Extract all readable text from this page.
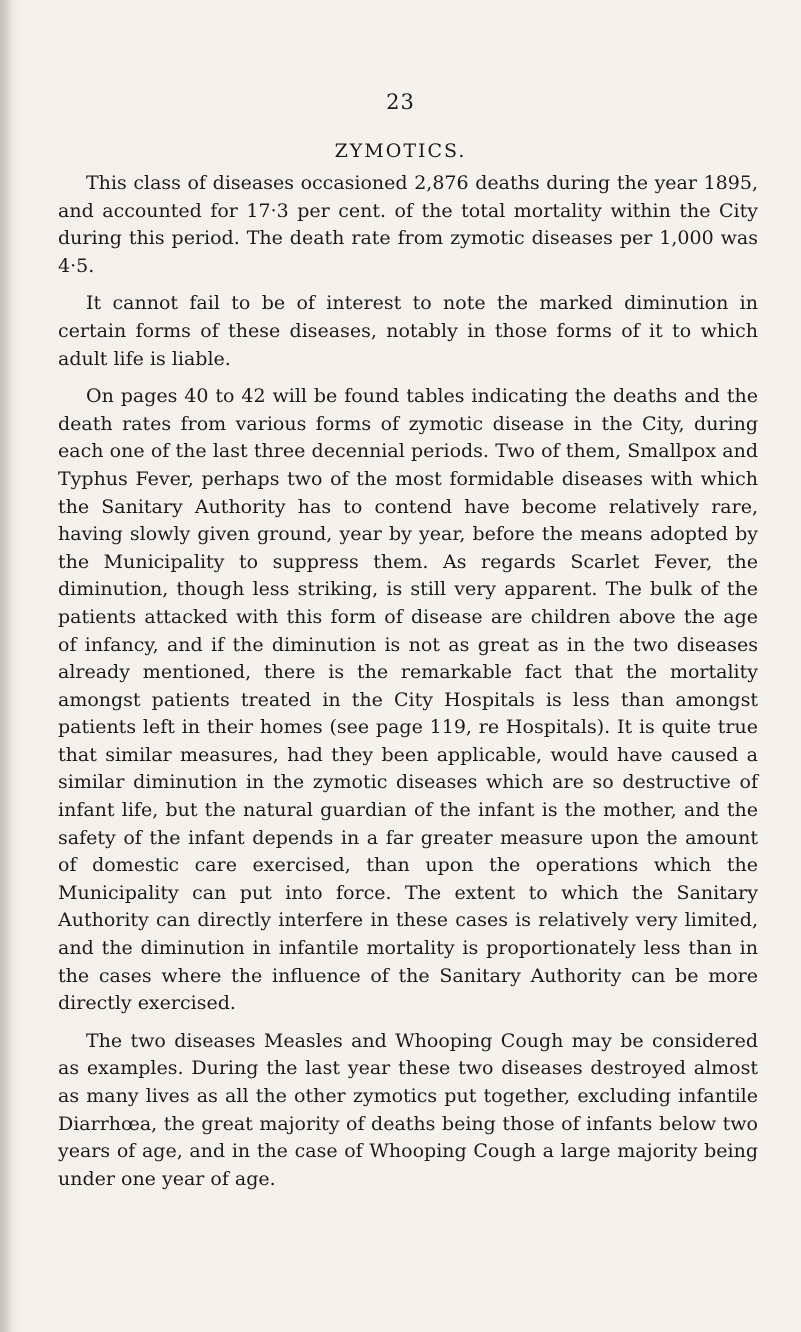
23
ZYMOTICS.

This class of diseases occasioned 2,876 deaths during the year 1895, and accounted for 17·3 per cent. of the total mortality within the City during this period. The death rate from zymotic diseases per 1,000 was 4·5.

It cannot fail to be of interest to note the marked diminution in certain forms of these diseases, notably in those forms of it to which adult life is liable.

On pages 40 to 42 will be found tables indicating the deaths and the death rates from various forms of zymotic disease in the City, during each one of the last three decennial periods. Two of them, Smallpox and Typhus Fever, perhaps two of the most formidable diseases with which the Sanitary Authority has to contend have become relatively rare, having slowly given ground, year by year, before the means adopted by the Municipality to suppress them. As regards Scarlet Fever, the diminution, though less striking, is still very apparent. The bulk of the patients attacked with this form of disease are children above the age of infancy, and if the diminution is not as great as in the two diseases already mentioned, there is the remarkable fact that the mortality amongst patients treated in the City Hospitals is less than amongst patients left in their homes (see page 119, re Hospitals). It is quite true that similar measures, had they been applicable, would have caused a similar diminution in the zymotic diseases which are so destructive of infant life, but the natural guardian of the infant is the mother, and the safety of the infant depends in a far greater measure upon the amount of domestic care exercised, than upon the operations which the Municipality can put into force. The extent to which the Sanitary Authority can directly interfere in these cases is relatively very limited, and the diminution in infantile mortality is proportionately less than in the cases where the influence of the Sanitary Authority can be more directly exercised.

The two diseases Measles and Whooping Cough may be considered as examples. During the last year these two diseases destroyed almost as many lives as all the other zymotics put together, excluding infantile Diarrhœa, the great majority of deaths being those of infants below two years of age, and in the case of Whooping Cough a large majority being under one year of age.
